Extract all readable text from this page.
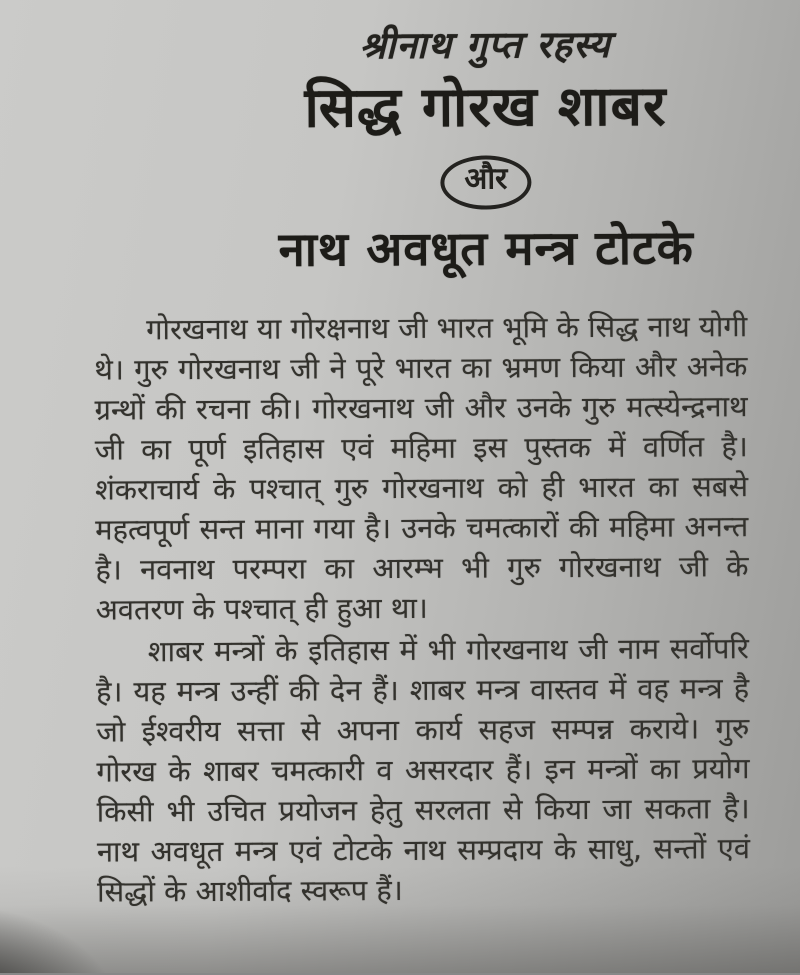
श्रीनाथ गुप्त रहस्य
सिद्ध गोरख शाबर
और
नाथ अवधूत मन्त्र टोटके

गोरखनाथ या गोरक्षनाथ जी भारत भूमि के सिद्ध नाथ योगी थे। गुरु गोरखनाथ जी ने पूरे भारत का भ्रमण किया और अनेक ग्रन्थों की रचना की। गोरखनाथ जी और उनके गुरु मत्स्येन्द्रनाथ जी का पूर्ण इतिहास एवं महिमा इस पुस्तक में वर्णित है। शंकराचार्य के पश्चात् गुरु गोरखनाथ को ही भारत का सबसे महत्वपूर्ण सन्त माना गया है। उनके चमत्कारों की महिमा अनन्त है। नवनाथ परम्परा का आरम्भ भी गुरु गोरखनाथ जी के अवतरण के पश्चात् ही हुआ था।

शाबर मन्त्रों के इतिहास में भी गोरखनाथ जी नाम सर्वोपरि है। यह मन्त्र उन्हीं की देन हैं। शाबर मन्त्र वास्तव में वह मन्त्र है जो ईश्वरीय सत्ता से अपना कार्य सहज सम्पन्न कराये। गुरु गोरख के शाबर चमत्कारी व असरदार हैं। इन मन्त्रों का प्रयोग किसी भी उचित प्रयोजन हेतु सरलता से किया जा सकता है। नाथ अवधूत मन्त्र एवं टोटके नाथ सम्प्रदाय के साधु, सन्तों एवं सिद्धों के आशीर्वाद स्वरूप हैं।
